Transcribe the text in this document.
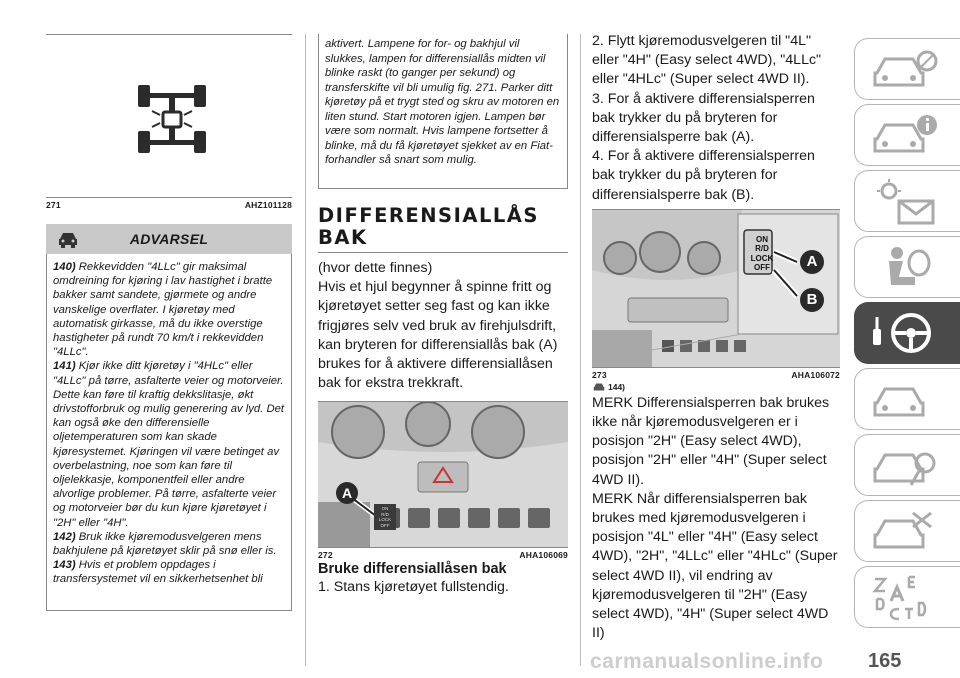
271	AHZ101128
ADVARSEL

140) Rekkevidden "4LLc" gir maksimal omdreining for kjøring i lav hastighet i bratte bakker samt sandete, gjørmete og andre vanskelige overflater. I kjøretøy med automatisk girkasse, må du ikke overstige hastigheter på rundt 70 km/t i rekkevidden "4LLc".

141) Kjør ikke ditt kjøretøy i "4HLc" eller "4LLc" på tørre, asfalterte veier og motorveier. Dette kan føre til kraftig dekkslitasje, økt drivstofforbruk og mulig generering av lyd. Det kan også øke den differensielle oljetemperaturen som kan skade kjøresystemet. Kjøringen vil være betinget av overbelastning, noe som kan føre til oljelekkasje, komponentfeil eller andre alvorlige problemer. På tørre, asfalterte veier og motorveier bør du kun kjøre kjøretøyet i "2H" eller "4H".

142) Bruk ikke kjøremodusvelgeren mens bakhjulene på kjøretøyet sklir på snø eller is.

143) Hvis et problem oppdages i transfersystemet vil en sikkerhetsenhet bli

aktivert. Lampene for for- og bakhjul vil slukkes, lampen for differensiallås midten vil blinke raskt (to ganger per sekund) og transferskifte vil bli umulig fig. 271. Parker ditt kjøretøy på et trygt sted og skru av motoren en liten stund. Start motoren igjen. Lampen bør være som normalt. Hvis lampene fortsetter å blinke, må du få kjøretøyet sjekket av en Fiat-forhandler så snart som mulig.
DIFFERENSIALLÅS
BAK

(hvor dette finnes)

Hvis et hjul begynner å spinne fritt og kjøretøyet setter seg fast og kan ikke frigjøres selv ved bruk av firehjulsdrift, kan bryteren for differensiallås bak (A) brukes for å aktivere differensiallåsen bak for ekstra trekkraft.

A
ON
R/D
LOCK
OFF
272	AHA106069

Bruke differensiallåsen bak

1. Stans kjøretøyet fullstendig.

2. Flytt kjøremodusvelgeren til "4L" eller "4H" (Easy select 4WD), "4LLc" eller "4HLc" (Super select 4WD II).

3. For å aktivere differensialsperren bak trykker du på bryteren for differensialsperre bak (A).

4. For å aktivere differensialsperren bak trykker du på bryteren for differensialsperre bak (B).

ON
R/D
LOCK
OFF	A
B
273	AHA106072
144)

MERK Differensialsperren bak brukes ikke når kjøremodusvelgeren er i posisjon "2H" (Easy select 4WD), posisjon "2H" eller "4H" (Super select 4WD II).

MERK Når differensialsperren bak brukes med kjøremodusvelgeren i posisjon "4L" eller "4H" (Easy select 4WD), "2H", "4LLc" eller "4HLc" (Super select 4WD II), vil endring av kjøremodusvelgeren til "2H" (Easy select 4WD), "4H" (Super select 4WD II)

carmanualsonline.info 165
